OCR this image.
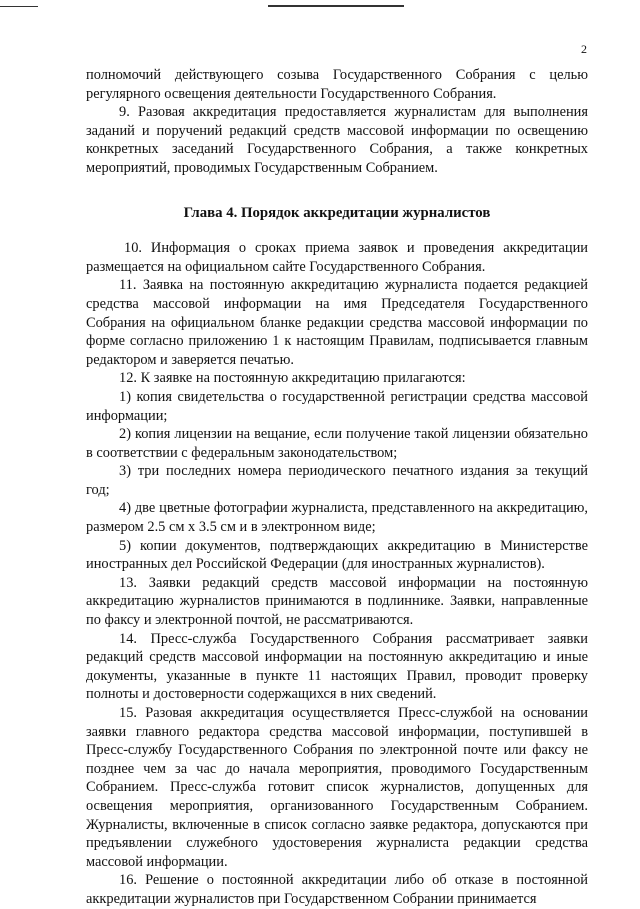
2

полномочий действующего созыва Государственного Собрания с целью регулярного освещения деятельности Государственного Собрания.

9. Разовая аккредитация предоставляется журналистам для выполнения заданий и поручений редакций средств массовой информации по освещению конкретных заседаний Государственного Собрания, а также конкретных мероприятий, проводимых Государственным Собранием.

Глава 4. Порядок аккредитации журналистов

10. Информация о сроках приема заявок и проведения аккредитации размещается на официальном сайте Государственного Собрания.

11. Заявка на постоянную аккредитацию журналиста подается редакцией средства массовой информации на имя Председателя Государственного Собрания на официальном бланке редакции средства массовой информации по форме согласно приложению 1 к настоящим Правилам, подписывается главным редактором и заверяется печатью.

12. К заявке на постоянную аккредитацию прилагаются:

1) копия свидетельства о государственной регистрации средства массовой информации;

2) копия лицензии на вещание, если получение такой лицензии обязательно в соответствии с федеральным законодательством;

3) три последних номера периодического печатного издания за текущий год;

4) две цветные фотографии журналиста, представленного на аккредитацию, размером 2.5 см х 3.5 см и в электронном виде;

5) копии документов, подтверждающих аккредитацию в Министерстве иностранных дел Российской Федерации (для иностранных журналистов).

13. Заявки редакций средств массовой информации на постоянную аккредитацию журналистов принимаются в подлиннике. Заявки, направленные по факсу и электронной почтой, не рассматриваются.

14. Пресс-служба Государственного Собрания рассматривает заявки редакций средств массовой информации на постоянную аккредитацию и иные документы, указанные в пункте 11 настоящих Правил, проводит проверку полноты и достоверности содержащихся в них сведений.

15. Разовая аккредитация осуществляется Пресс-службой на основании заявки главного редактора средства массовой информации, поступившей в Пресс-службу Государственного Собрания по электронной почте или факсу не позднее чем за час до начала мероприятия, проводимого Государственным Собранием. Пресс-служба готовит список журналистов, допущенных для освещения мероприятия, организованного Государственным Собранием. Журналисты, включенные в список согласно заявке редактора, допускаются при предъявлении служебного удостоверения журналиста редакции средства массовой информации.

16. Решение о постоянной аккредитации либо об отказе в постоянной аккредитации журналистов при Государственном Собрании принимается
